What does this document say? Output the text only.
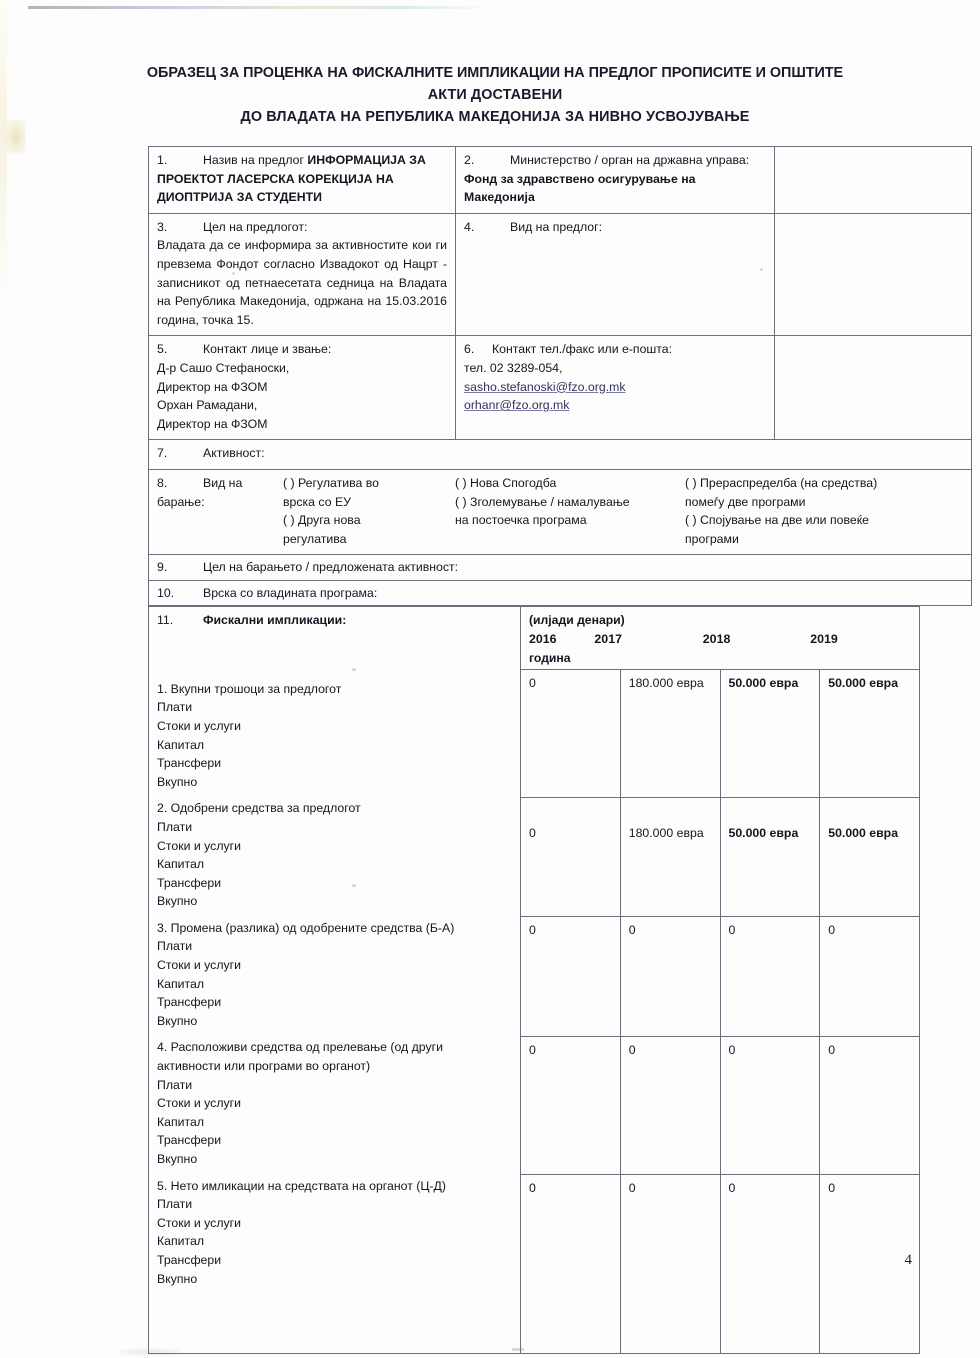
ОБРАЗЕЦ ЗА ПРОЦЕНКА НА ФИСКАЛНИТЕ ИМПЛИКАЦИИ НА ПРЕДЛОГ ПРОПИСИТЕ И ОПШТИТЕ
АКТИ ДОСТАВЕНИ
ДО ВЛАДАТА НА РЕПУБЛИКА МАКЕДОНИЈА ЗА НИВНО УСВОЈУВАЊЕ
1. Назив на предлог ИНФОРМАЦИЈА ЗА ПРОЕКТОТ ЛАСЕРСКА КОРЕКЦИЈА НА ДИОПТРИЈА ЗА СТУДЕНТИ	2. Министерство / орган на државна управа:
Фонд за здравствено осигурување на Македонија	

3. Цел на предлогот:
Владата да се информира за активностите кои ги превзема Фондот согласно Извадокот од Нацрт - записникот од петнаесетата седница на Владата на Република Македонија, одржана на 15.03.2016 година, точка 15.	4. Вид на предлог:

5.	Контакт лице и звање:
Д-р Сашо Стефаноски,
Директор на ФЗОМ
Орхан Рамадани,
Директор на ФЗОМ
	6. Контакт тел./факс или е-пошта:
тел. 02 3289-054,
sasho.stefanoski@fzo.org.mk
orhanr@fzo.org.mk

7. Активност:		

8.	Вид на
барање:
( ) Регулатива во
врска со ЕУ
( ) Друга нова
регулатива
( ) Нова Спогодба
( ) Зголемување / намалување
на постоечка програма
( ) Прераспределба (на средства)
помеѓу две програми
( ) Спојување на две или повеќе
програми

9. Цел на барањето / предложената активност:		
10. Врска со владината програма:		
11. Фискални импликации:	(илјади денари)
2016	2017	2018	2019
година

1. Вкупни трошоци за предлогот
Плати
Стоки и услуги
Капитал
Трансфери
Вкупно
	0	180.000 евра	50.000 евра	50.000 евра

2. Одобрени средства за предлогот
Плати
Стоки и услуги
Капитал
Трансфери
Вкупно
	0	180.000 евра	50.000 евра	50.000 евра

3. Промена (разлика) од одобрените средства (Б-А)
Плати
Стоки и услуги
Капитал
Трансфери
Вкупно
	0	0	0	0

4. Расположиви средства од прелевање (од други активности или програми во органот)
Плати
Стоки и услуги
Капитал
Трансфери
Вкупно
	0	0	0	0

5. Нето имликации на средствата на органот (Ц-Д)
Плати
Стоки и услуги
Капитал
Трансфери
Вкупно
	0	0	0	0
4
